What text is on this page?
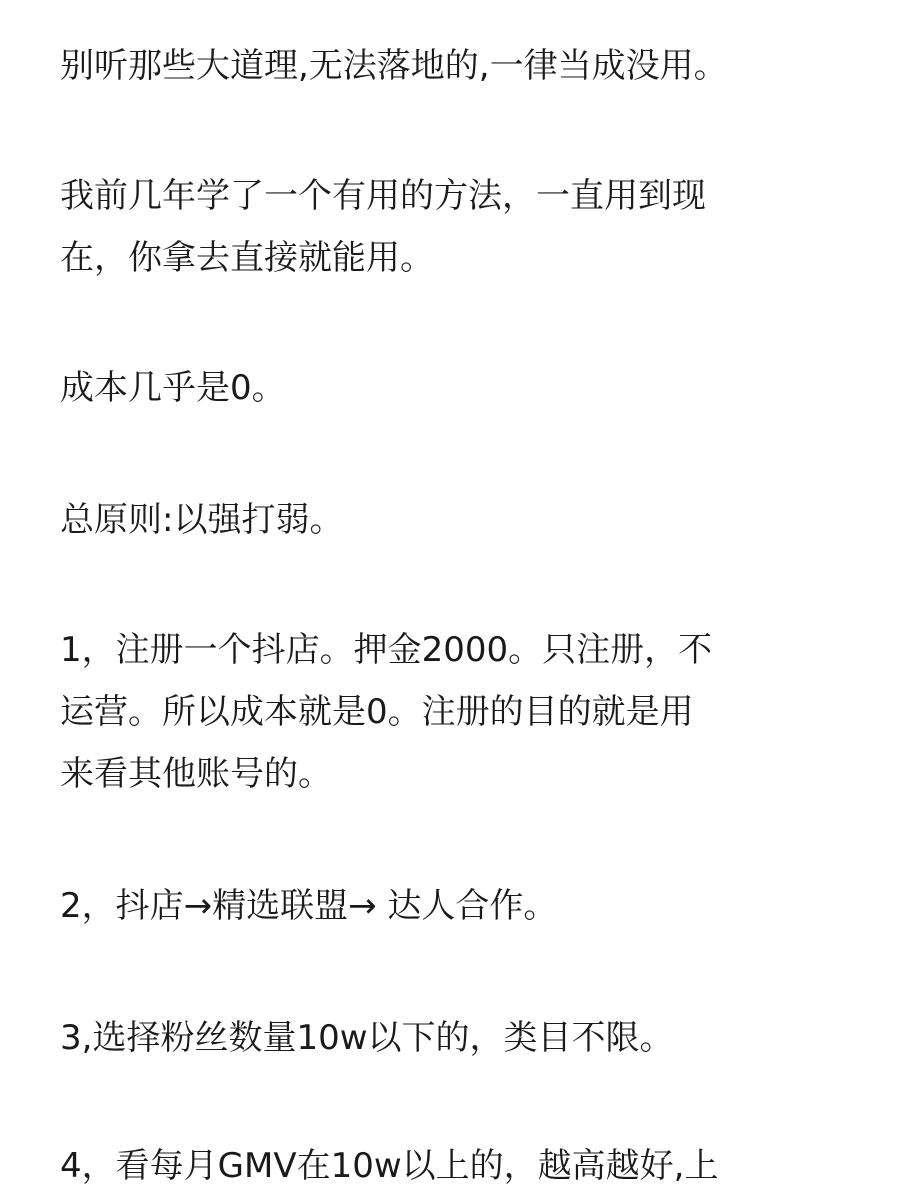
别听那些大道理,无法落地的,一律当成没用。
我前几年学了一个有用的方法，一直用到现
在，你拿去直接就能用。
成本几乎是0。
总原则:以强打弱。
1，注册一个抖店。押金2000。只注册，不
运营。所以成本就是0。注册的目的就是用
来看其他账号的。
2，抖店→精选联盟→ 达人合作。
3,选择粉丝数量10w以下的，类目不限。
4，看每月GMV在10w以上的，越高越好,上
